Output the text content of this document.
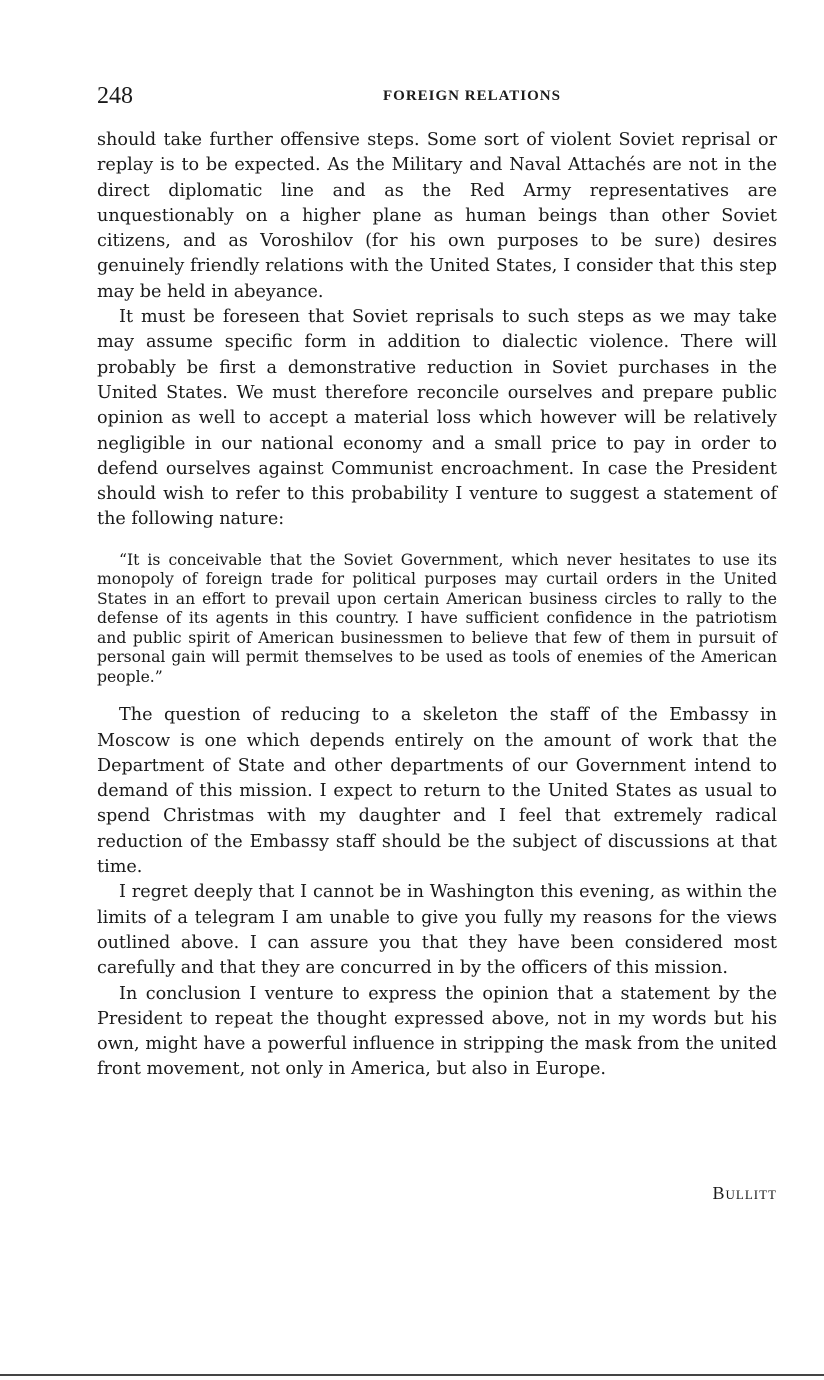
248	FOREIGN RELATIONS

should take further offensive steps. Some sort of violent Soviet reprisal or replay is to be expected. As the Military and Naval Attachés are not in the direct diplomatic line and as the Red Army representatives are unquestionably on a higher plane as human beings than other Soviet citizens, and as Voroshilov (for his own purposes to be sure) desires genuinely friendly relations with the United States, I consider that this step may be held in abeyance.

It must be foreseen that Soviet reprisals to such steps as we may take may assume specific form in addition to dialectic violence. There will probably be first a demonstrative reduction in Soviet purchases in the United States. We must therefore reconcile ourselves and prepare public opinion as well to accept a material loss which however will be relatively negligible in our national economy and a small price to pay in order to defend ourselves against Communist encroachment. In case the President should wish to refer to this probability I venture to suggest a statement of the following nature:

“It is conceivable that the Soviet Government, which never hesitates to use its monopoly of foreign trade for political purposes may curtail orders in the United States in an effort to prevail upon certain American business circles to rally to the defense of its agents in this country. I have sufficient confidence in the patriotism and public spirit of American businessmen to believe that few of them in pursuit of personal gain will permit themselves to be used as tools of enemies of the American people.”

The question of reducing to a skeleton the staff of the Embassy in Moscow is one which depends entirely on the amount of work that the Department of State and other departments of our Government intend to demand of this mission. I expect to return to the United States as usual to spend Christmas with my daughter and I feel that extremely radical reduction of the Embassy staff should be the subject of discussions at that time.

I regret deeply that I cannot be in Washington this evening, as within the limits of a telegram I am unable to give you fully my reasons for the views outlined above. I can assure you that they have been considered most carefully and that they are concurred in by the officers of this mission.

In conclusion I venture to express the opinion that a statement by the President to repeat the thought expressed above, not in my words but his own, might have a powerful influence in stripping the mask from the united front movement, not only in America, but also in Europe.

Bullitt
